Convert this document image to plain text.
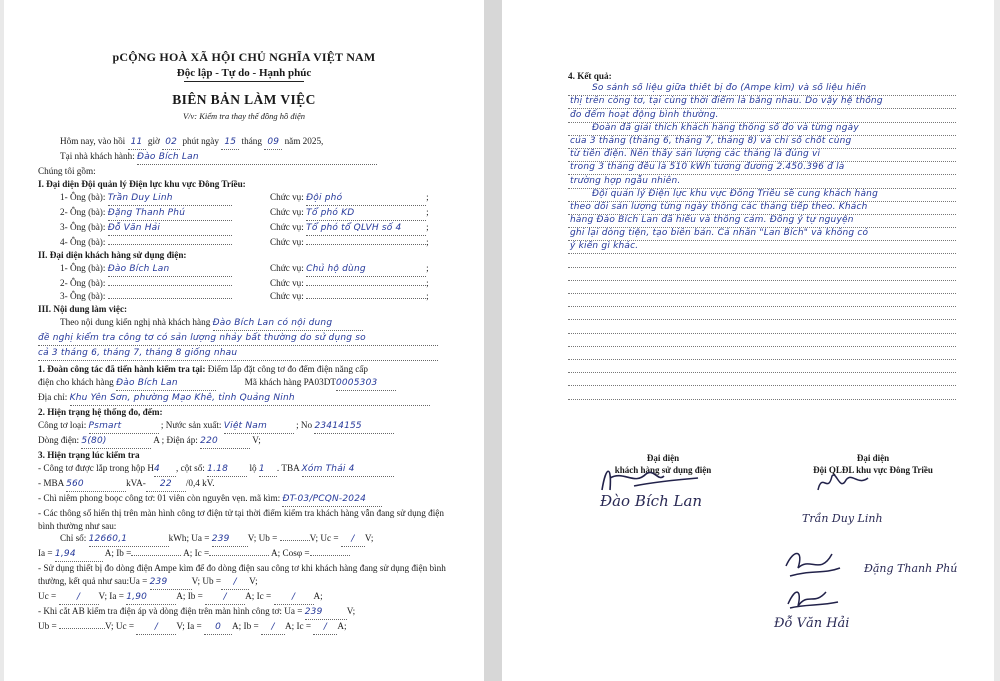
pCỘNG HOÀ XÃ HỘI CHỦ NGHĨA VIỆT NAM
Độc lập - Tự do - Hạnh phúc
BIÊN BẢN LÀM VIỆC
V/v: Kiểm tra thay thế đồng hồ điện
Hôm nay, vào hồi 11 giờ 02 phút ngày 15 tháng 09 năm 2025,
Tại nhà khách hành: Đào Bích Lan
Chúng tôi gồm:
I. Đại diện Đội quản lý Điện lực khu vực Đông Triều:
1- Ông (bà): Trần Duy Linh	Chức vụ: Đội phó	;
2- Ông (bà): Đặng Thanh Phú	Chức vụ: Tổ phó KD	;
3- Ông (bà): Đỗ Văn Hải	Chức vụ: Tổ phó tổ QLVH số 4	;
4- Ông (bà):	Chức vụ:	;
II. Đại diện khách hàng sử dụng điện:
1- Ông (bà): Đào Bích Lan	Chức vụ: Chủ hộ dùng	;
2- Ông (bà):	Chức vụ:	;
3- Ông (bà):	Chức vụ:	;
III. Nội dung làm việc:
Theo nội dung kiến nghị nhà khách hàng Đào Bích Lan có nội dung
đề nghị kiểm tra công tơ có sản lượng nhảy bất thường do sử dụng so
cả 3 tháng 6, tháng 7, tháng 8 giống nhau
1. Đoàn công tác đã tiến hành kiểm tra tại: Điểm lắp đặt công tơ đo đếm điện năng cấp
điện cho khách hàng Đào Bích Lan	Mã khách hàng PA03DT0005303
Địa chỉ: Khu Yên Sơn, phường Mạo Khê, tỉnh Quảng Ninh
2. Hiện trạng hệ thống đo, đếm:
Công tơ loại: Psmart	; Nước sản xuất: Việt Nam	; No 23414155
Dòng điện: 5(80)	A ; Điện áp: 220	V;
3. Hiện trạng lúc kiểm tra
- Công tơ được lắp trong hộp H4 , cột số: 1.18 lộ 1 . TBA Xóm Thái 4
- MBA 560	kVA- 22 /0,4 kV.
- Chì niêm phong boọc công tơ: 01 viên còn nguyên vẹn. mã kìm: ĐT-03/PCQN-2024
- Các thông số hiển thị trên màn hình công tơ điện tử tại thời điểm kiểm tra khách hàng vẫn đang sử dụng điện bình thường như sau:
Chỉ số: 12660,1	kWh; Ua = 239 V; Ub =	V; Uc = / V;
Ia = 1,94	A; Ib =	A; Ic =	A; Cosφ =
- Sử dụng thiết bị đo dòng điện Ampe kìm để đo dòng điện sau công tơ khi khách hàng đang sử dụng điện bình thường, kết quả như sau:Ua = 239	V; Ub = / V;
Uc = / V; Ia = 1,90	A; Ib = / A; Ic = / A;
- Khi cắt AB kiểm tra điện áp và dòng điện trên màn hình công tơ: Ua = 239	V;
Ub =	V; Uc = / V; Ia = 0 A; Ib = / A; Ic = / A;
4. Kết quả:
So sánh số liệu giữa thiết bị đo (Ampe kìm) và số liệu hiển
thị trên công tơ, tại cùng thời điểm là bằng nhau. Do vậy hệ thống
đo đếm hoạt động bình thường.
Đoàn đã giải thích khách hàng thông số đo và từng ngày
của 3 tháng (tháng 6, tháng 7, tháng 8) và chỉ số chốt cùng
từ tiền điện. Nên thấy sản lượng các tháng là đúng vì
trong 3 tháng đều là 510 kWh tương đương 2.450.396 đ là
trường hợp ngẫu nhiên.
Đội quản lý Điện lực khu vực Đông Triều sẽ cung khách hàng
theo dõi sản lượng từng ngày thông các tháng tiếp theo. Khách
hàng Đào Bích Lan đã hiểu và thông cảm. Đồng ý tự nguyện
ghi lại dòng tiện, tạo biên bản. Cá nhân "Lan Bích" và không có
ý kiến gì khác.
Đại diện
khách hàng sử dụng điện
Đại diện
Đội QLĐL khu vực Đông Triều
Đào Bích Lan
Trần Duy Linh
Đặng Thanh Phú
Đỗ Văn Hải
